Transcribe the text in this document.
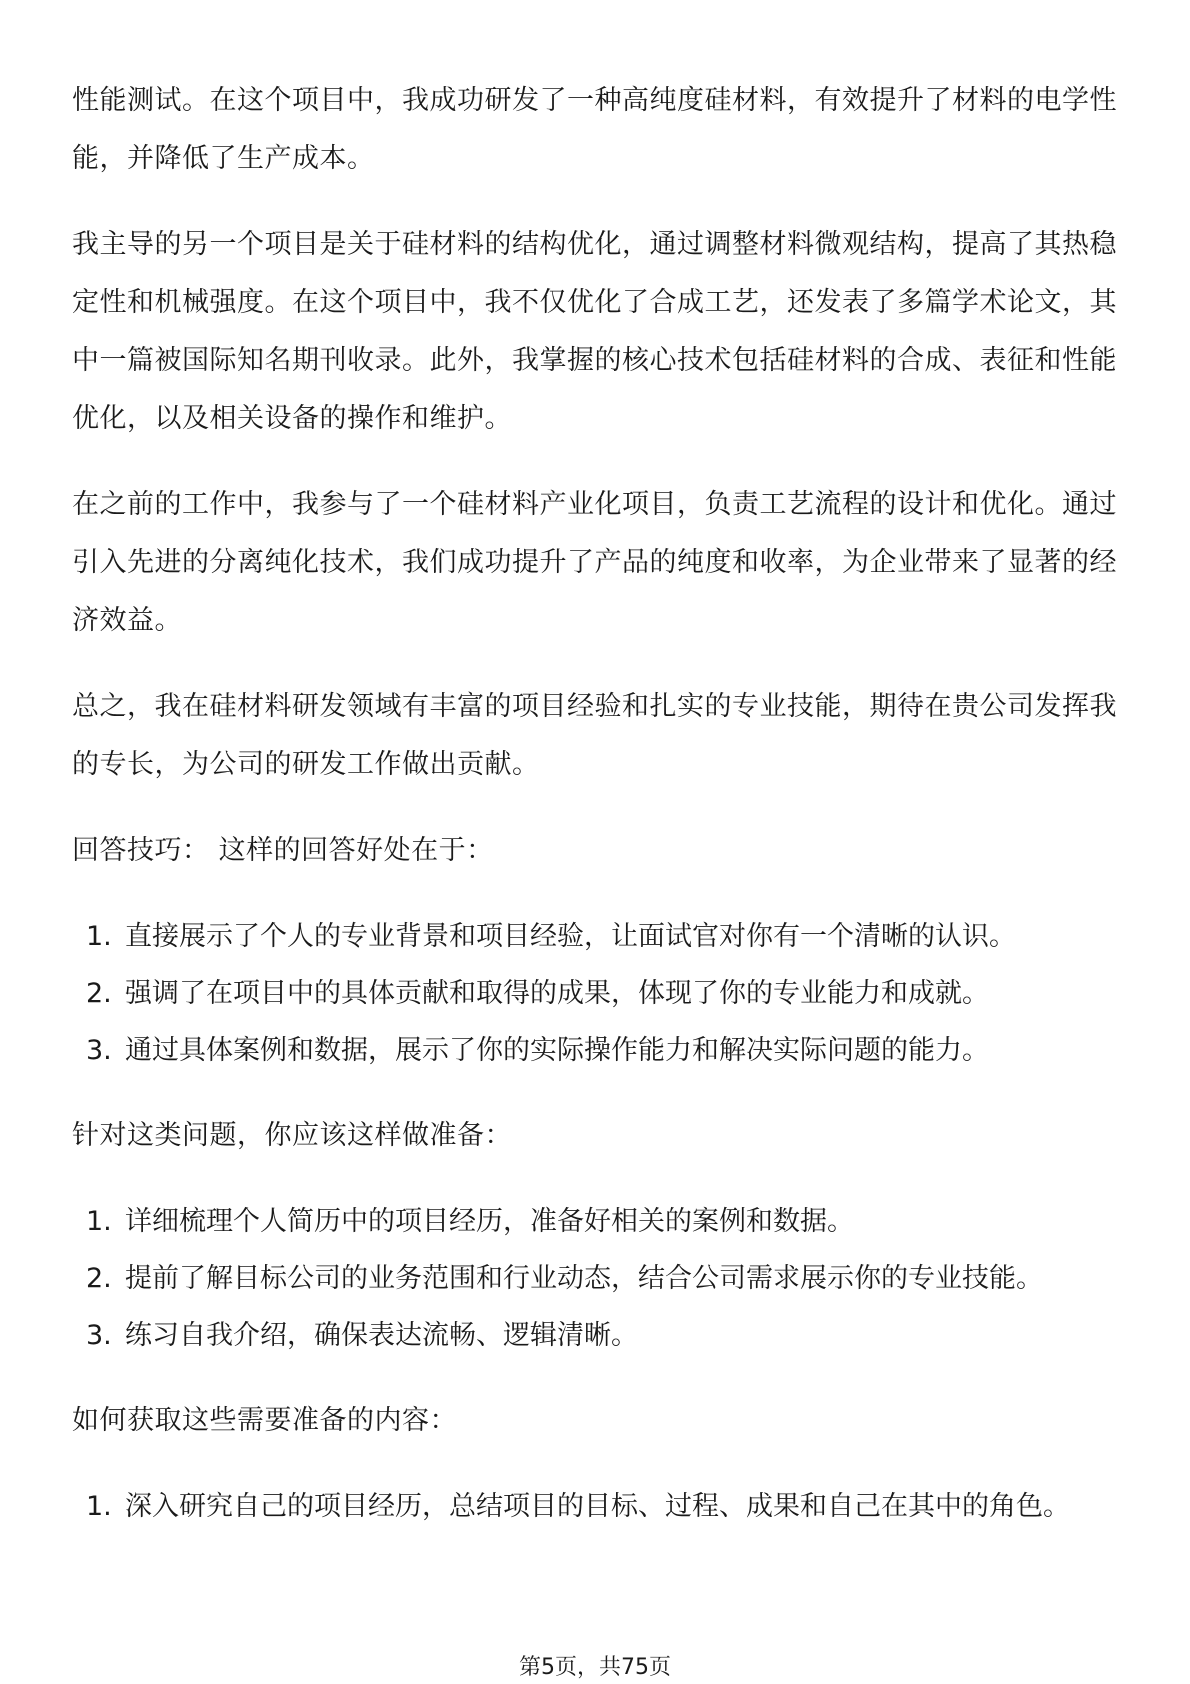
性能测试。在这个项目中，我成功研发了一种高纯度硅材料，有效提升了材料的电学性能，并降低了生产成本。

我主导的另一个项目是关于硅材料的结构优化，通过调整材料微观结构，提高了其热稳定性和机械强度。在这个项目中，我不仅优化了合成工艺，还发表了多篇学术论文，其中一篇被国际知名期刊收录。此外，我掌握的核心技术包括硅材料的合成、表征和性能优化，以及相关设备的操作和维护。

在之前的工作中，我参与了一个硅材料产业化项目，负责工艺流程的设计和优化。通过引入先进的分离纯化技术，我们成功提升了产品的纯度和收率，为企业带来了显著的经济效益。

总之，我在硅材料研发领域有丰富的项目经验和扎实的专业技能，期待在贵公司发挥我的专长，为公司的研发工作做出贡献。

回答技巧： 这样的回答好处在于：

1. 直接展示了个人的专业背景和项目经验，让面试官对你有一个清晰的认识。
2. 强调了在项目中的具体贡献和取得的成果，体现了你的专业能力和成就。
3. 通过具体案例和数据，展示了你的实际操作能力和解决实际问题的能力。

针对这类问题，你应该这样做准备：

1. 详细梳理个人简历中的项目经历，准备好相关的案例和数据。
2. 提前了解目标公司的业务范围和行业动态，结合公司需求展示你的专业技能。
3. 练习自我介绍，确保表达流畅、逻辑清晰。

如何获取这些需要准备的内容：

1. 深入研究自己的项目经历，总结项目的目标、过程、成果和自己在其中的角色。
第5页，共75页
